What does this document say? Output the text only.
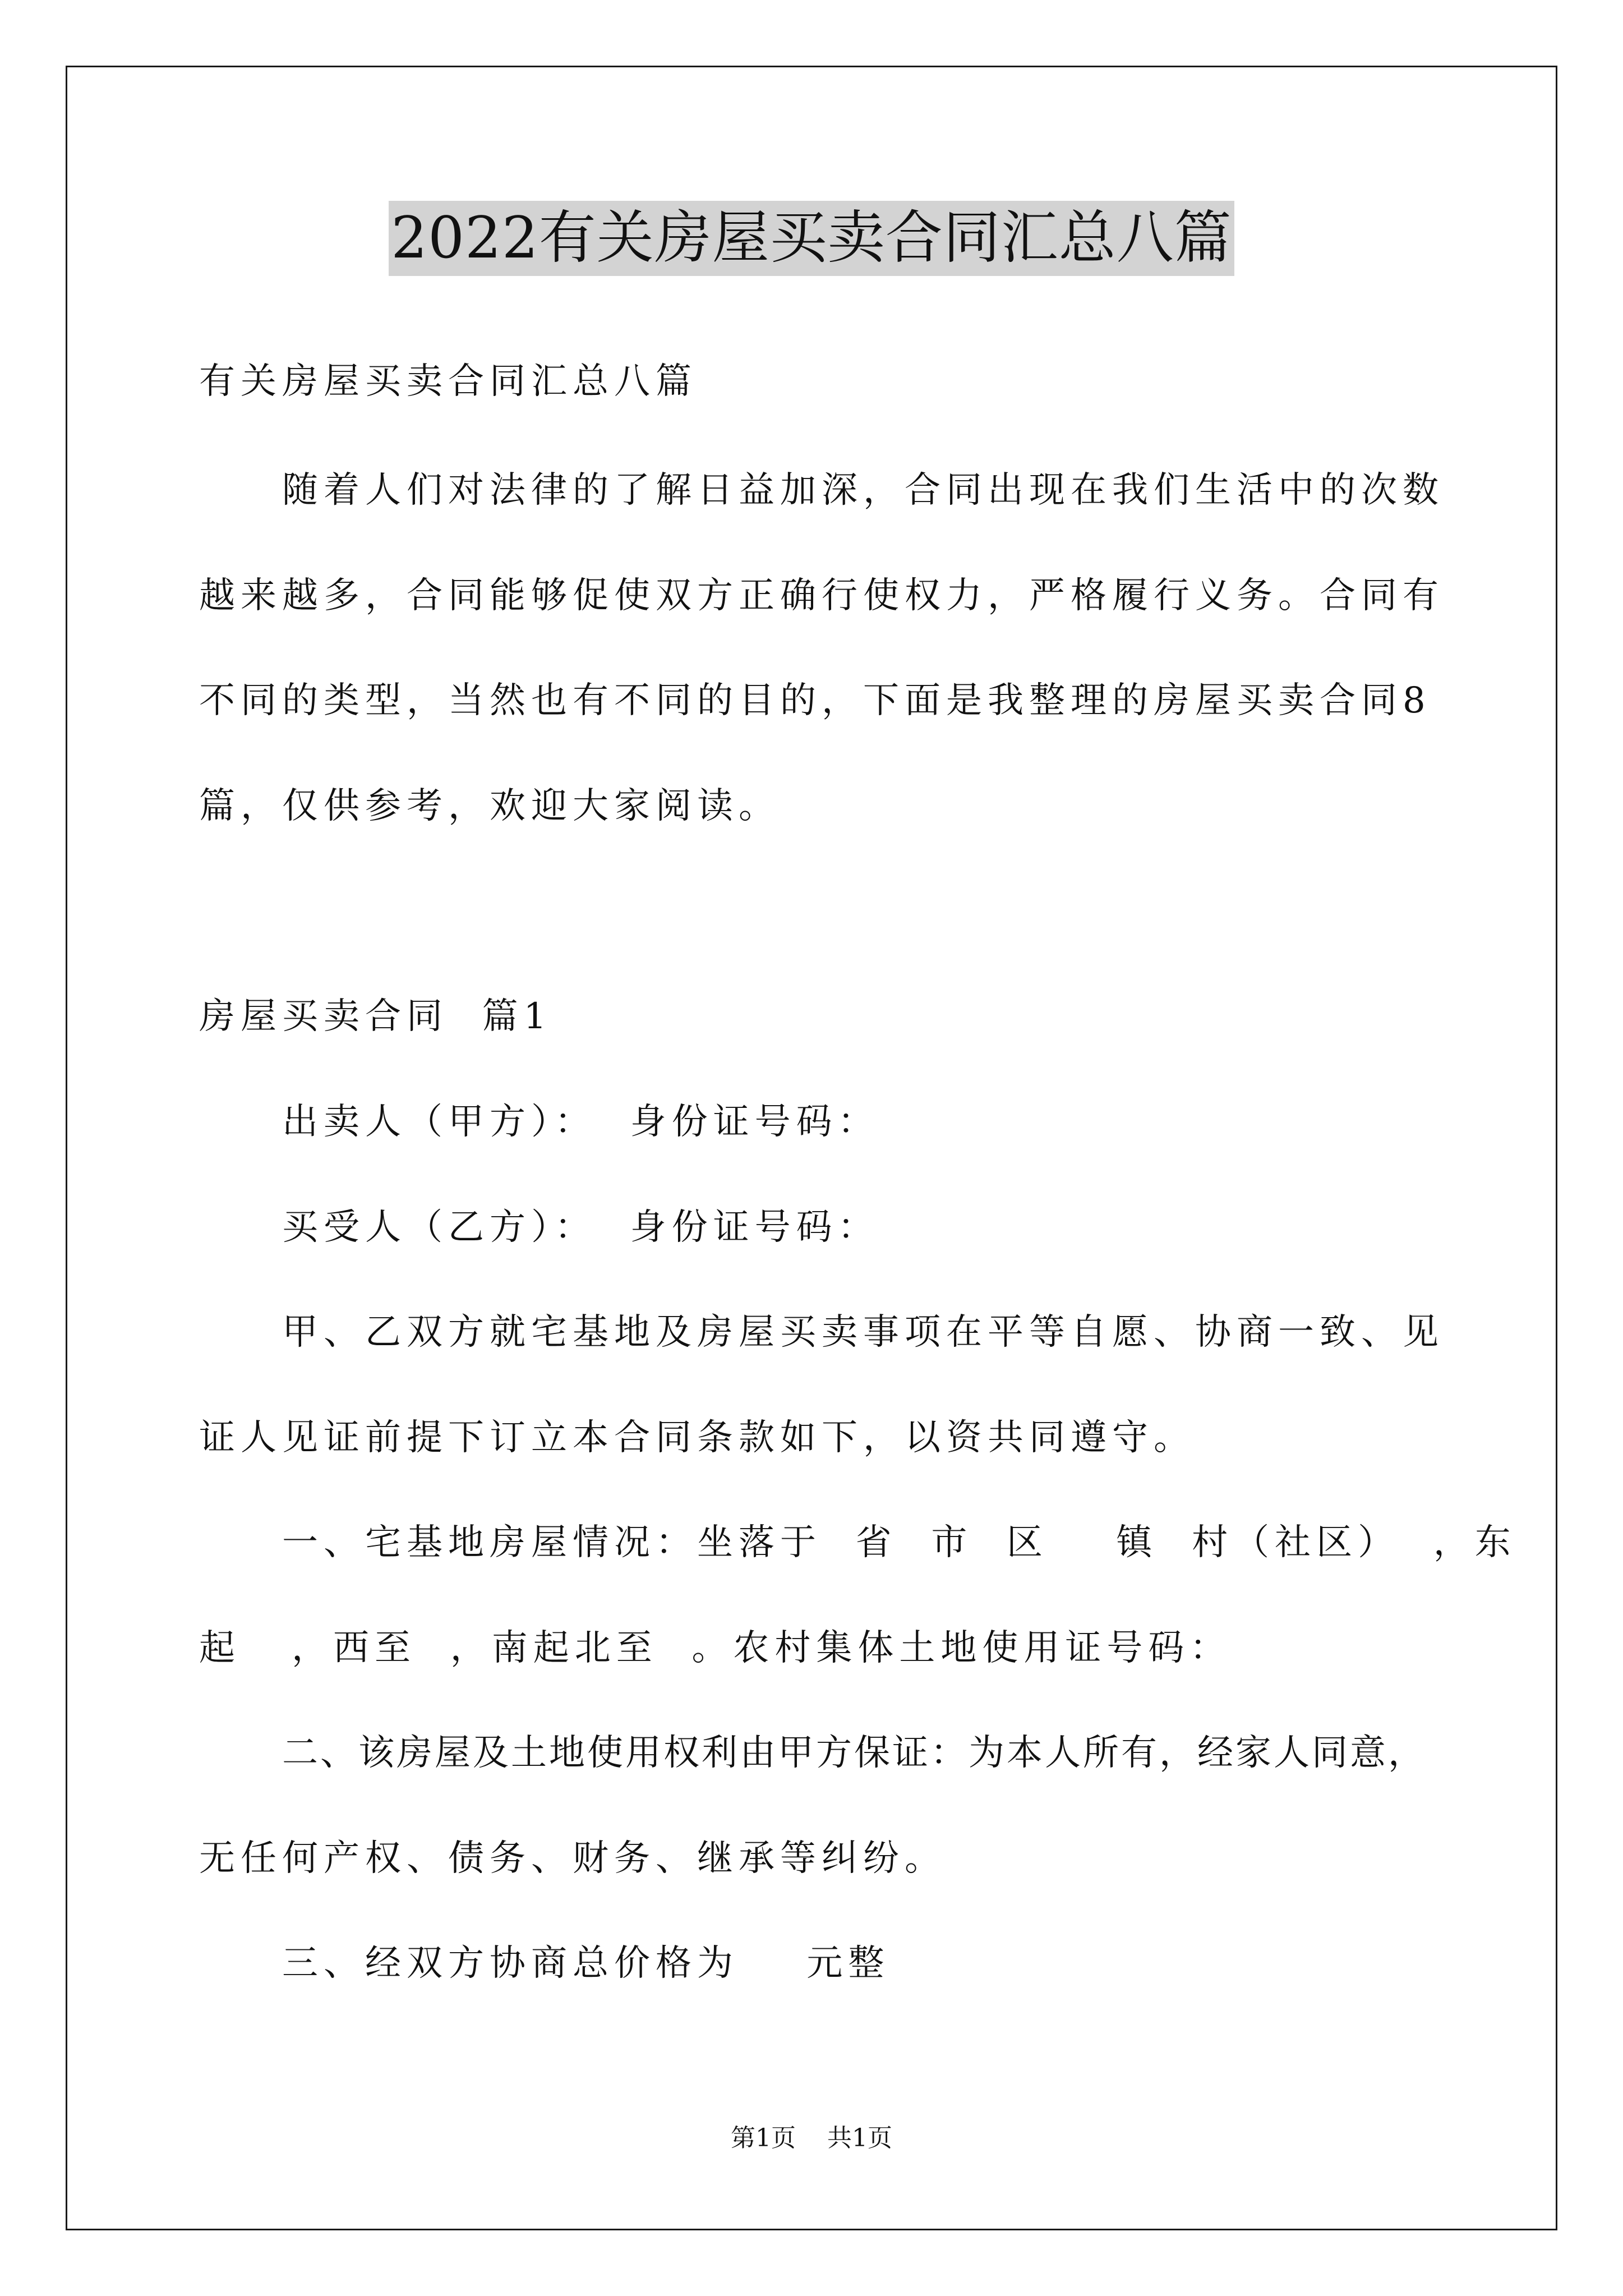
2022有关房屋买卖合同汇总八篇
有关房屋买卖合同汇总八篇
随着人们对法律的了解日益加深，合同出现在我们生活中的次数
越来越多，合同能够促使双方正确行使权力，严格履行义务。合同有
不同的类型，当然也有不同的目的，下面是我整理的房屋买卖合同8
篇，仅供参考，欢迎大家阅读。
房屋买卖合同  篇1
出卖人（甲方）：  身份证号码：
买受人（乙方）：  身份证号码：
甲、乙双方就宅基地及房屋买卖事项在平等自愿、协商一致、见
证人见证前提下订立本合同条款如下，以资共同遵守。
一、宅基地房屋情况：坐落于  省  市  区    镇  村（社区）  ，东
起   ，西至  ，南起北至  。农村集体土地使用证号码：
二、该房屋及土地使用权利由甲方保证：为本人所有，经家人同意，
无任何产权、债务、财务、继承等纠纷。
三、经双方协商总价格为    元整
第1页    共1页
